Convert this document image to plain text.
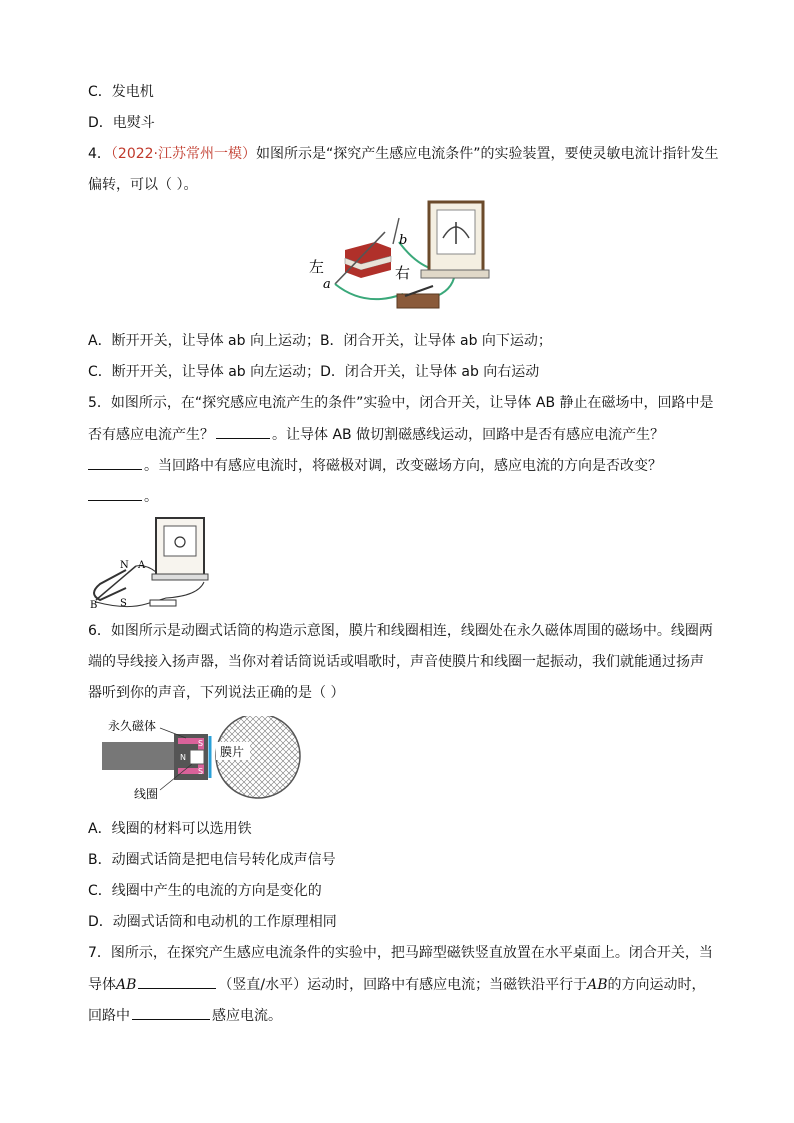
C．发电机
D．电熨斗
4．（2022·江苏常州一模）如图所示是“探究产生感应电流条件”的实验装置，要使灵敏电流计指针发生
偏转，可以（ ）。
左	右
a
b
A．断开开关，让导体 ab 向上运动；B．闭合开关，让导体 ab 向下运动；
C．断开开关，让导体 ab 向左运动；D．闭合开关，让导体 ab 向右运动
5．如图所示，在“探究感应电流产生的条件”实验中，闭合开关，让导体 AB 静止在磁场中，回路中是
否有感应电流产生？	。让导体 AB 做切割磁感线运动，回路中是否有感应电流产生？
。当回路中有感应电流时，将磁极对调，改变磁场方向，感应电流的方向是否改变？
。
N A
B S
6．如图所示是动圈式话筒的构造示意图，膜片和线圈相连，线圈处在永久磁体周围的磁场中。线圈两
端的导线接入扬声器，当你对着话筒说话或唱歌时，声音使膜片和线圈一起振动，我们就能通过扬声
器听到你的声音，下列说法正确的是（ ）
S
S
N	膜片
永久磁体
线圈
A．线圈的材料可以选用铁
B．动圈式话筒是把电信号转化成声信号
C．线圈中产生的电流的方向是变化的
D．动圈式话筒和电动机的工作原理相同
7．图所示，在探究产生感应电流条件的实验中，把马蹄型磁铁竖直放置在水平桌面上。闭合开关，当
导体AB	（竖直/水平）运动时，回路中有感应电流；当磁铁沿平行于AB的方向运动时，
回路中	感应电流。
